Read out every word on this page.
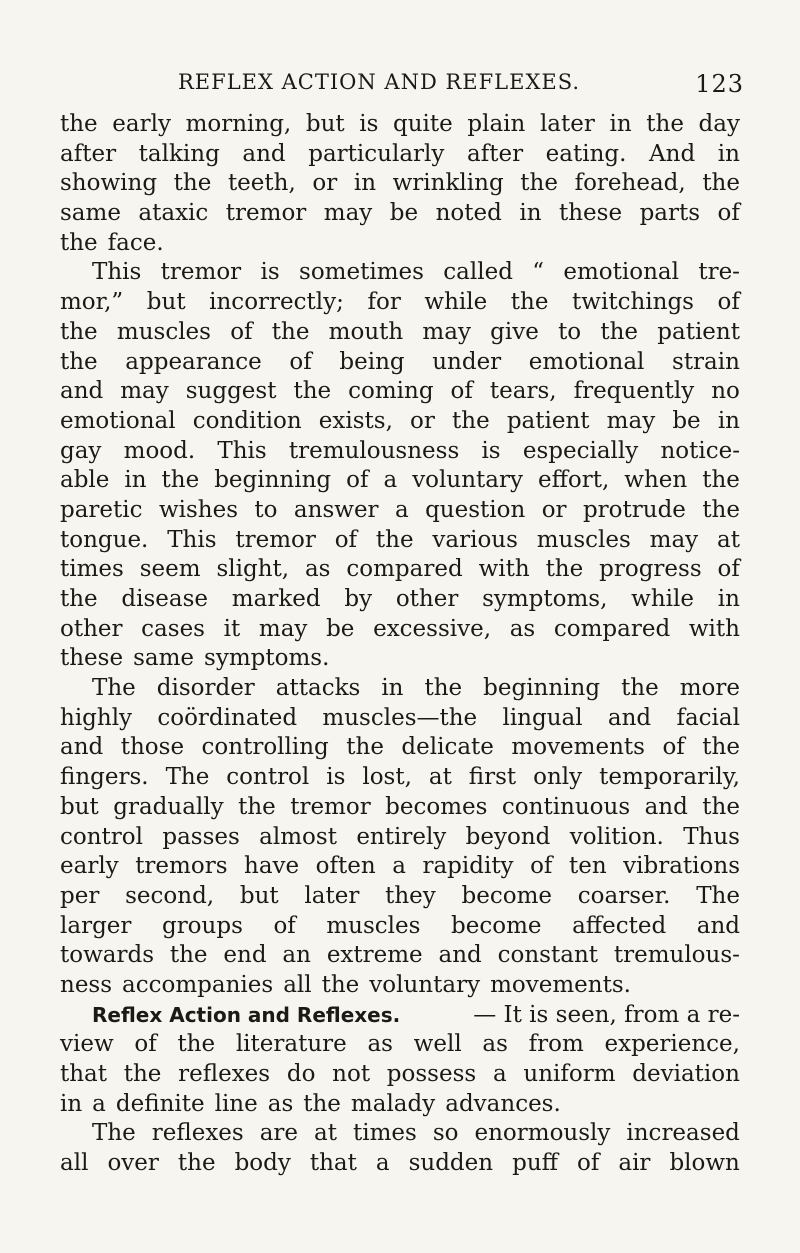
REFLEX ACTION AND REFLEXES.	123
the early morning, but is quite plain later in the day
after talking and particularly after eating. And in
showing the teeth, or in wrinkling the forehead, the
same ataxic tremor may be noted in these parts of
the face.
This tremor is sometimes called “ emotional tre-
mor,” but incorrectly; for while the twitchings of
the muscles of the mouth may give to the patient
the appearance of being under emotional strain
and may suggest the coming of tears, frequently no
emotional condition exists, or the patient may be in
gay mood. This tremulousness is especially notice-
able in the beginning of a voluntary effort, when the
paretic wishes to answer a question or protrude the
tongue. This tremor of the various muscles may at
times seem slight, as compared with the progress of
the disease marked by other symptoms, while in
other cases it may be excessive, as compared with
these same symptoms.
The disorder attacks in the beginning the more
highly coördinated muscles—the lingual and facial
and those controlling the delicate movements of the
fingers. The control is lost, at first only temporarily,
but gradually the tremor becomes continuous and the
control passes almost entirely beyond volition. Thus
early tremors have often a rapidity of ten vibrations
per second, but later they become coarser. The
larger groups of muscles become affected and
towards the end an extreme and constant tremulous-
ness accompanies all the voluntary movements.
Reflex Action and Reflexes.	— It is seen, from a re-
view of the literature as well as from experience,
that the reflexes do not possess a uniform deviation
in a definite line as the malady advances.
The reflexes are at times so enormously increased
all over the body that a sudden puff of air blown
